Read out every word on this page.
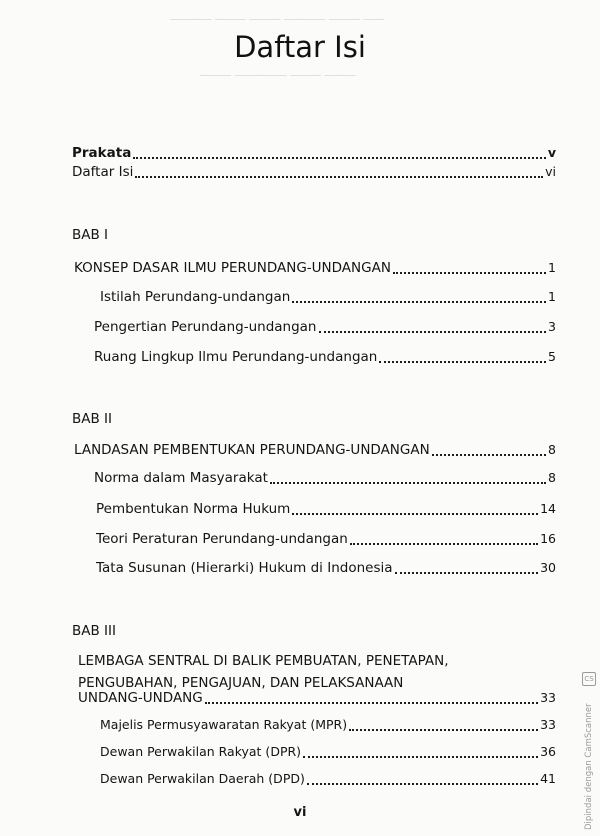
———— ——— ——— ———— ——— ——
——— ————— ——— ———
Daftar Isi
Prakata	v
Daftar Isi	vi
BAB I
KONSEP DASAR ILMU PERUNDANG-UNDANGAN	1
Istilah Perundang-undangan	1
Pengertian Perundang-undangan	3
Ruang Lingkup Ilmu Perundang-undangan	5
BAB II
LANDASAN PEMBENTUKAN PERUNDANG-UNDANGAN	8
Norma dalam Masyarakat	8
Pembentukan Norma Hukum	14
Teori Peraturan Perundang-undangan	16
Tata Susunan (Hierarki) Hukum di Indonesia	30
BAB III
LEMBAGA SENTRAL DI BALIK PEMBUATAN, PENETAPAN,
PENGUBAHAN, PENGAJUAN, DAN PELAKSANAAN
UNDANG-UNDANG	33
Majelis Permusyawaratan Rakyat (MPR)	33
Dewan Perwakilan Rakyat (DPR)	36
Dewan Perwakilan Daerah (DPD)	41
vi
CS
Dipindai dengan CamScanner
